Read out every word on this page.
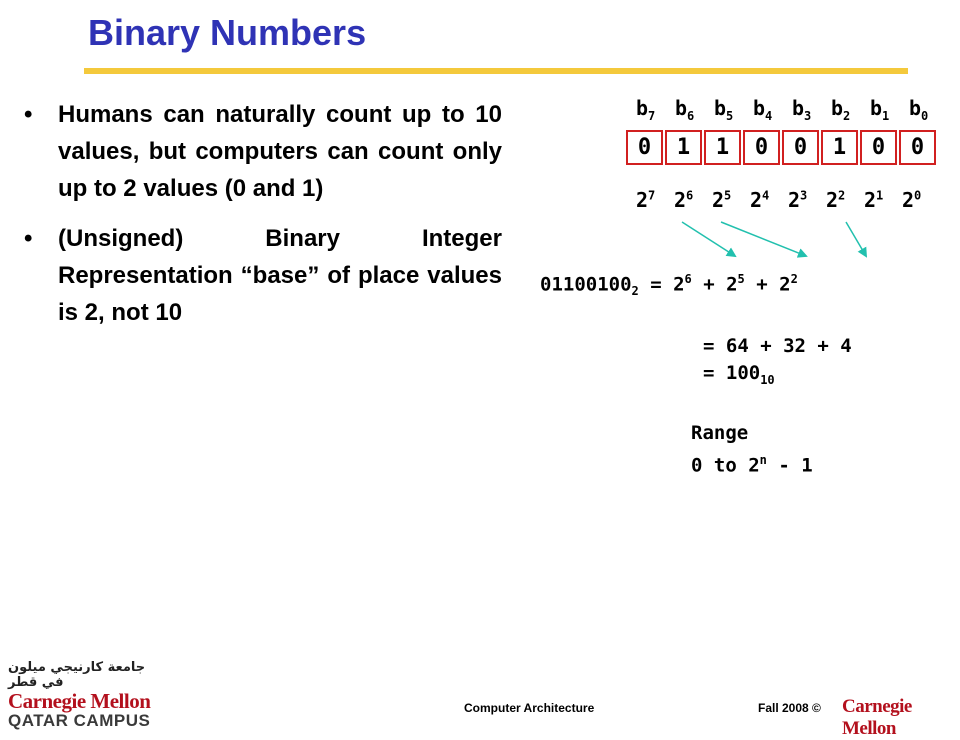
Binary Numbers
• Humans can naturally count up to 10 values, but computers can count only up to 2 values (0 and 1)
• (Unsigned) Binary Integer Representation “base” of place values is 2, not 10
$b_7$ $b_6$ $b_5$ $b_4$ $b_3$ $b_2$ $b_1$ $b_0$
0	1	1	0	0	1	0	0
$2^7$ $2^6$ $2^5$ $2^4$ $2^3$ $2^2$ $2^1$ $2^0$
$01100100_2 = 2^6 + 2^5 + 2^2$
= 64 + 32 + 4
= $100_{10}$
Range
0 to 2$^n$ - 1
جامعة كارنيجي ميلون في قطر
Carnegie Mellon
QATAR CAMPUS
Computer Architecture	Fall 2008 © Carnegie Mellon
